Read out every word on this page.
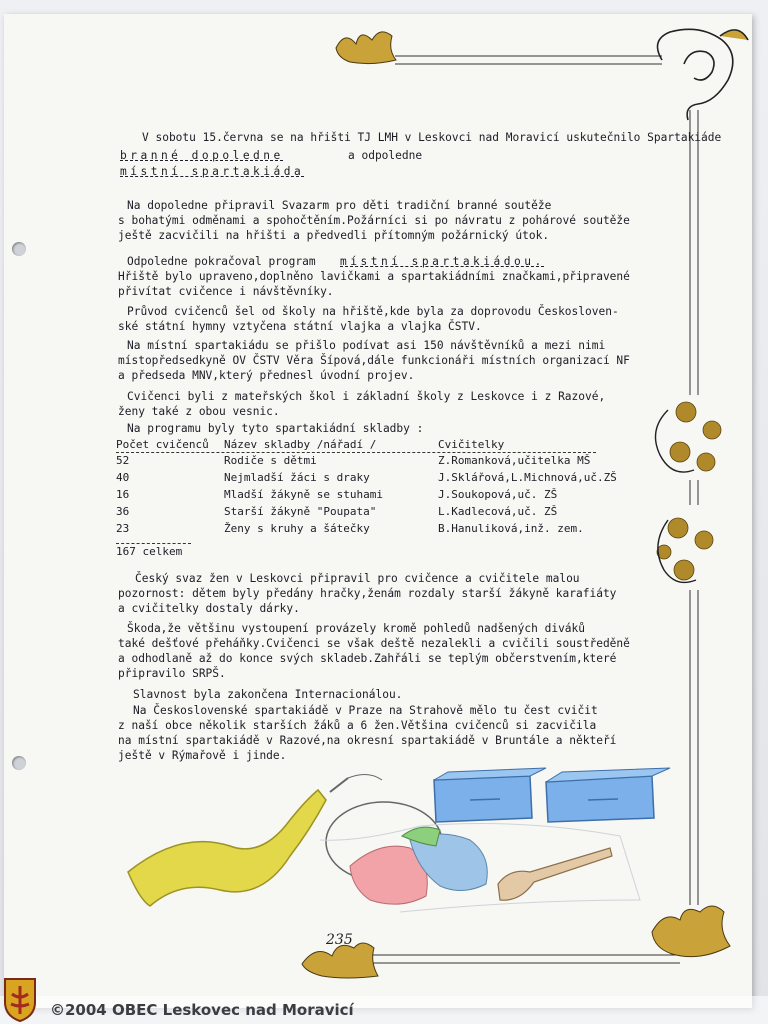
V sobotu 15.června se na hřišti TJ LMH v Leskovci nad Moravicí uskutečnilo Spartakiáde
branné dopoledne	a odpoledne
místní spartakiáda
Na dopoledne připravil Svazarm pro děti tradiční branné soutěže
s bohatými odměnami a spohočtěním.Požárníci si po návratu z pohárové soutěže
ještě zacvičili na hřišti a předvedli přítomným požárnický útok.
Odpoledne pokračoval program místní spartakiádou.
Hřiště bylo upraveno,doplněno lavičkami a spartakiádními značkami,připravené
přivítat cvičence i návštěvníky.
Průvod cvičenců šel od školy na hřiště,kde byla za doprovodu Českosloven-
ské státní hymny vztyčena státní vlajka a vlajka ČSTV.
Na místní spartakiádu se přišlo podívat asi 150 návštěvníků a mezi nimi
místopředsedkyně OV ČSTV Věra Šípová,dále funkcionáři místních organizací NF
a předseda MNV,který přednesl úvodní projev.
Cvičenci byli z mateřských škol i základní školy z Leskovce i z Razové,
ženy také z obou vesnic.
Na programu byly tyto spartakiádní skladby :
Počet cvičenců Název skladby /nářadí /	Cvičitelky
52	Rodiče s dětmi	Z.Romanková,učitelka MŠ
40	Nejmladší žáci s draky	J.Sklářová,L.Michnová,uč.ZŠ
16	Mladší žákyně se stuhami	J.Soukopová,uč. ZŠ
36	Starší žákyně "Poupata"	L.Kadlecová,uč. ZŠ
23	Ženy s kruhy a šátečky	B.Hanuliková,inž. zem.
167 celkem
Český svaz žen v Leskovci připravil pro cvičence a cvičitele malou
pozornost: dětem byly předány hračky,ženám rozdaly starší žákyně karafiáty
a cvičitelky dostaly dárky.
Škoda,že většinu vystoupení provázely kromě pohledů nadšených diváků
také dešťové přeháňky.Cvičenci se však deště nezalekli a cvičili soustředěně
a odhodlaně až do konce svých skladeb.Zahřáli se teplým občerstvením,které
připravilo SRPŠ.
Slavnost byla zakončena Internacionálou.
Na Československé spartakiádě v Praze na Strahově mělo tu čest cvičit
z naší obce několik starších žáků a 6 žen.Většina cvičenců si zacvičila
na místní spartakiádě v Razové,na okresní spartakiádě v Bruntále a někteří
ještě v Rýmařově i jinde.
235
©2004 OBEC Leskovec nad Moravicí
